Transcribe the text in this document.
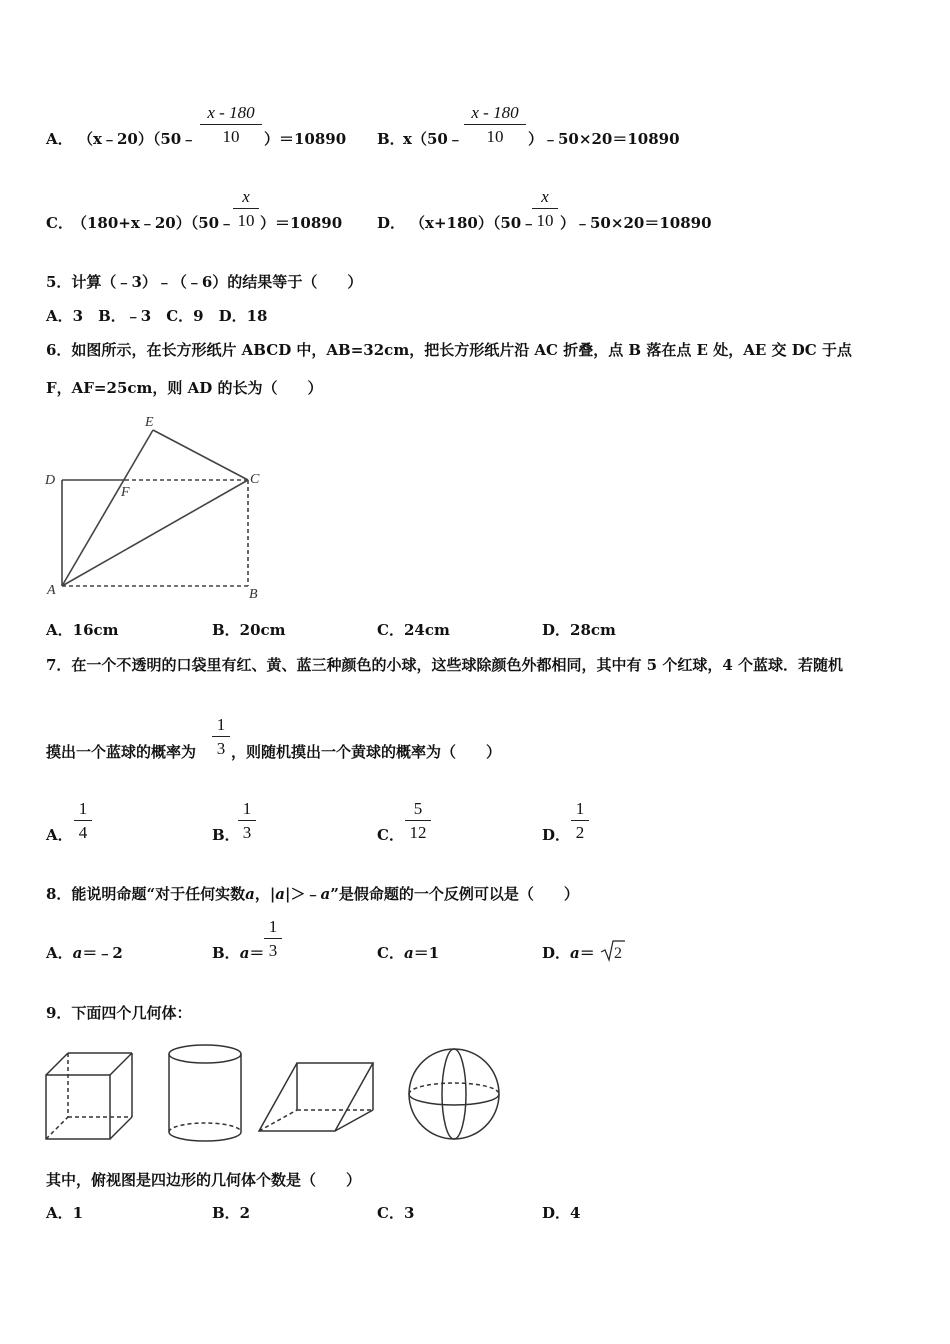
A． （x﹣20）（50﹣ $\frac{x - 180}{10} )=10890$ B．
x（50﹣ $\frac{x - 180}{10}$ ）﹣50×20＝10890
C． （180+x﹣20）（50﹣
$\frac{x}{10} )=10890$ D． （x+180）（50﹣
$\frac{x}{10}$ ）﹣50×20＝10890
5．计算（﹣3）﹣（﹣6）的结果等于（　　）
A．3　B．﹣3　C．9　D．18
6．如图所示，在长方形纸片 ABCD 中，AB=32cm，把长方形纸片沿 AC 折叠，点 B 落在点 E 处，AE 交 DC 于点
F，AF=25cm，则 AD 的长为（　　）
E
D
F
C
A	B
A．16cm	B．20cm	C．24cm	D．28cm
7．在一个不透明的口袋里有红、黄、蓝三种颜色的小球，这些球除颜色外都相同，其中有 5 个红球，4 个蓝球．若随机
摸出一个蓝球的概率为 $\frac{1}{3}$ ，则随机摸出一个黄球的概率为（　　）
A． $\frac{1}{4}$	B．
$\frac{1}{3}$	C． $\frac{5}{12}$	D． $\frac{1}{2}$
8．能说明命题“对于任何实数a，|a|＞﹣a”是假命题的一个反例可以是（　　）
A．a＝﹣2	B．$a= \frac{1}{3}$	C．a＝1	D．a＝ 2
9．下面四个几何体：
其中，俯视图是四边形的几何体个数是（　　）
A．1	B．2	C．3	D．4
